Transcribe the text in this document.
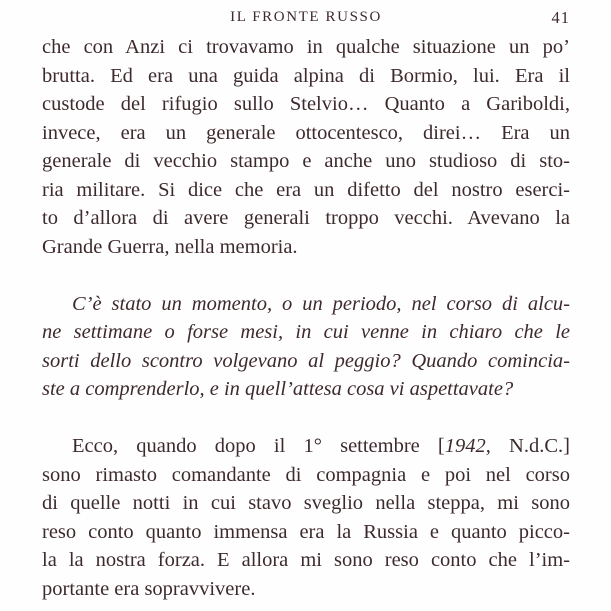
IL FRONTE RUSSO	41
che con Anzi ci trovavamo in qualche situazione un po’
brutta. Ed era una guida alpina di Bormio, lui. Era il
custode del rifugio sullo Stelvio… Quanto a Gariboldi,
invece, era un generale ottocentesco, direi… Era un
generale di vecchio stampo e anche uno studioso di sto-
ria militare. Si dice che era un difetto del nostro eserci-
to d’allora di avere generali troppo vecchi. Avevano la
Grande Guerra, nella memoria.
C’è stato un momento, o un periodo, nel corso di alcu-
ne settimane o forse mesi, in cui venne in chiaro che le
sorti dello scontro volgevano al peggio? Quando comincia-
ste a comprenderlo, e in quell’attesa cosa vi aspettavate?
Ecco, quando dopo il 1° settembre [1942, N.d.C.]
sono rimasto comandante di compagnia e poi nel corso
di quelle notti in cui stavo sveglio nella steppa, mi sono
reso conto quanto immensa era la Russia e quanto picco-
la la nostra forza. E allora mi sono reso conto che l’im-
portante era sopravvivere.
